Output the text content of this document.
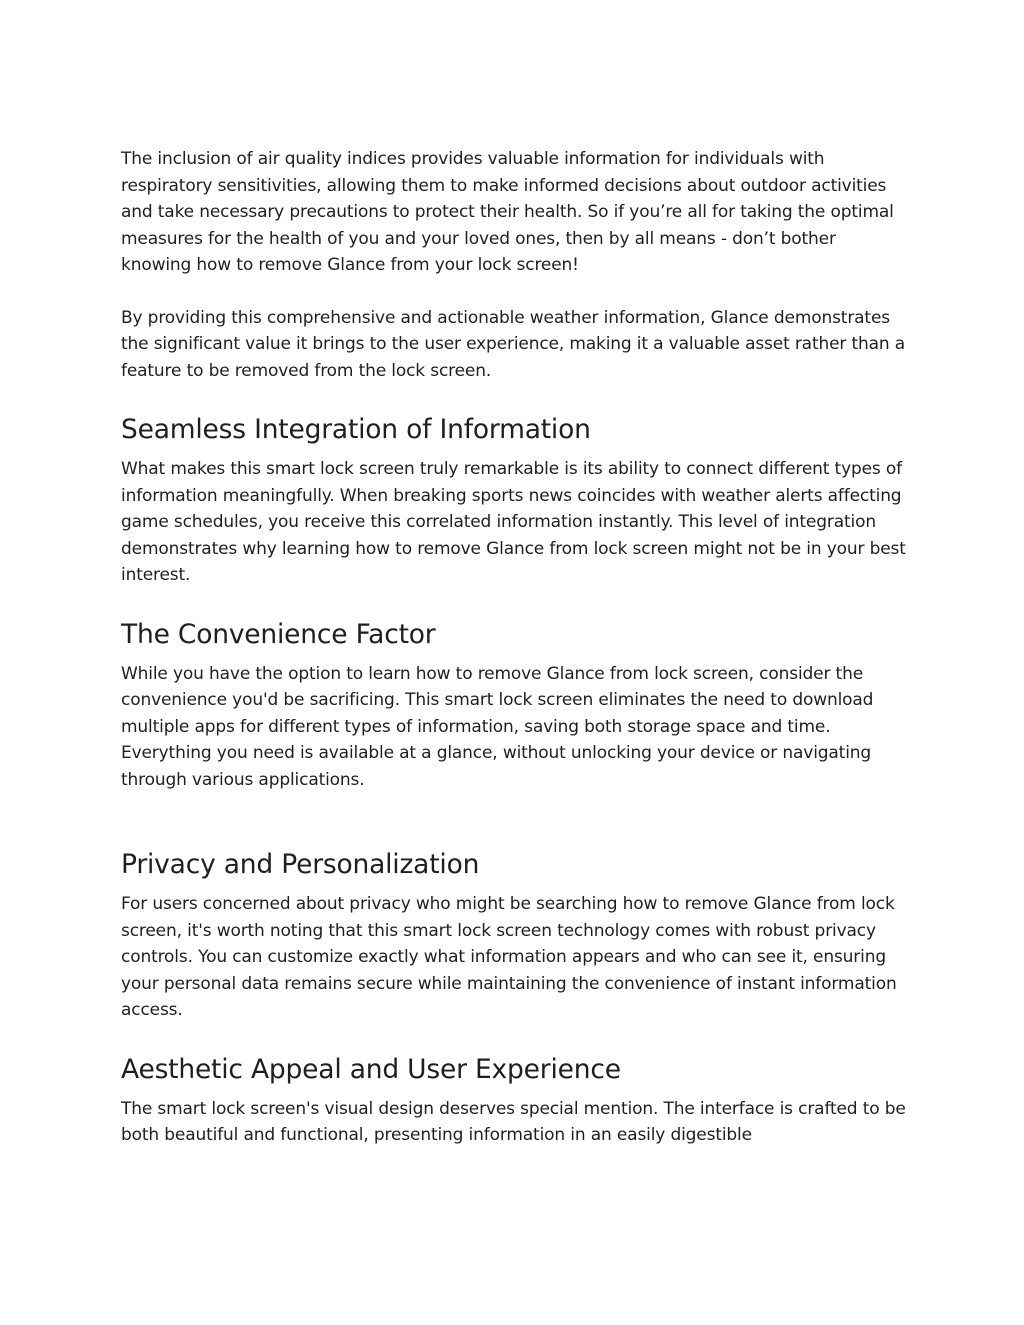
The inclusion of air quality indices provides valuable information for individuals with respiratory sensitivities, allowing them to make informed decisions about outdoor activities and take necessary precautions to protect their health. So if you’re all for taking the optimal measures for the health of you and your loved ones, then by all means - don’t bother knowing how to remove Glance from your lock screen!

By providing this comprehensive and actionable weather information, Glance demonstrates the significant value it brings to the user experience, making it a valuable asset rather than a feature to be removed from the lock screen.

Seamless Integration of Information

What makes this smart lock screen truly remarkable is its ability to connect different types of information meaningfully. When breaking sports news coincides with weather alerts affecting game schedules, you receive this correlated information instantly. This level of integration demonstrates why learning how to remove Glance from lock screen might not be in your best interest.

The Convenience Factor

While you have the option to learn how to remove Glance from lock screen, consider the convenience you'd be sacrificing. This smart lock screen eliminates the need to download multiple apps for different types of information, saving both storage space and time. Everything you need is available at a glance, without unlocking your device or navigating through various applications.

Privacy and Personalization

For users concerned about privacy who might be searching how to remove Glance from lock screen, it's worth noting that this smart lock screen technology comes with robust privacy controls. You can customize exactly what information appears and who can see it, ensuring your personal data remains secure while maintaining the convenience of instant information access.

Aesthetic Appeal and User Experience

The smart lock screen's visual design deserves special mention. The interface is crafted to be both beautiful and functional, presenting information in an easily digestible
